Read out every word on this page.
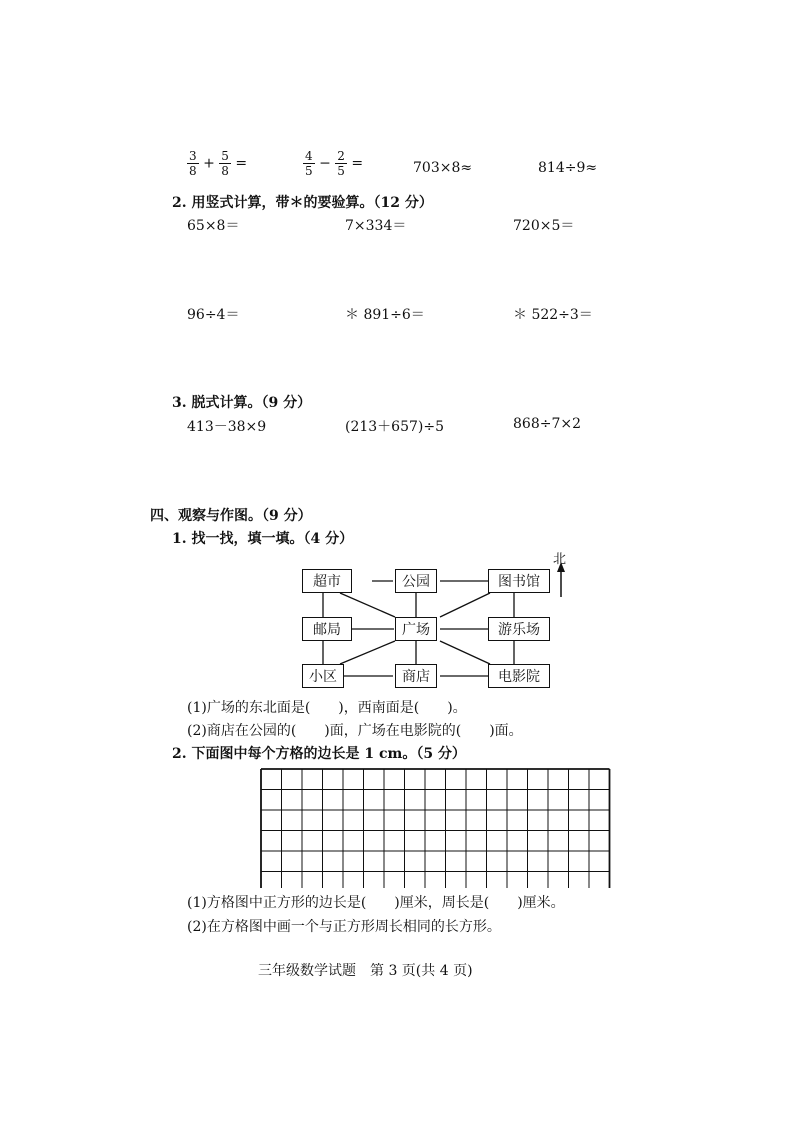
$\frac{3}{8} + \frac{5}{8}$ =	$\frac{4}{5} - \frac{2}{5}$ =	703×8≈	814÷9≈
2. 用竖式计算，带＊的要验算。（12 分）
65×8＝	7×334＝	720×5＝
96÷4＝	＊ 891÷6＝	＊ 522÷3＝
3. 脱式计算。（9 分）
413－38×9	(213＋657)÷5	868÷7×2
四、观察与作图。（9 分）
1. 找一找，填一填。（4 分）
北
超市	公园	图书馆
邮局	广场	游乐场
小区	商店	电影院
(1)广场的东北面是(　　)，西南面是(　　)。
(2)商店在公园的(　　)面，广场在电影院的(　　)面。
2. 下面图中每个方格的边长是 1 cm。（5 分）
(1)方格图中正方形的边长是(　　)厘米，周长是(　　)厘米。
(2)在方格图中画一个与正方形周长相同的长方形。
三年级数学试题　第 3 页(共 4 页)
